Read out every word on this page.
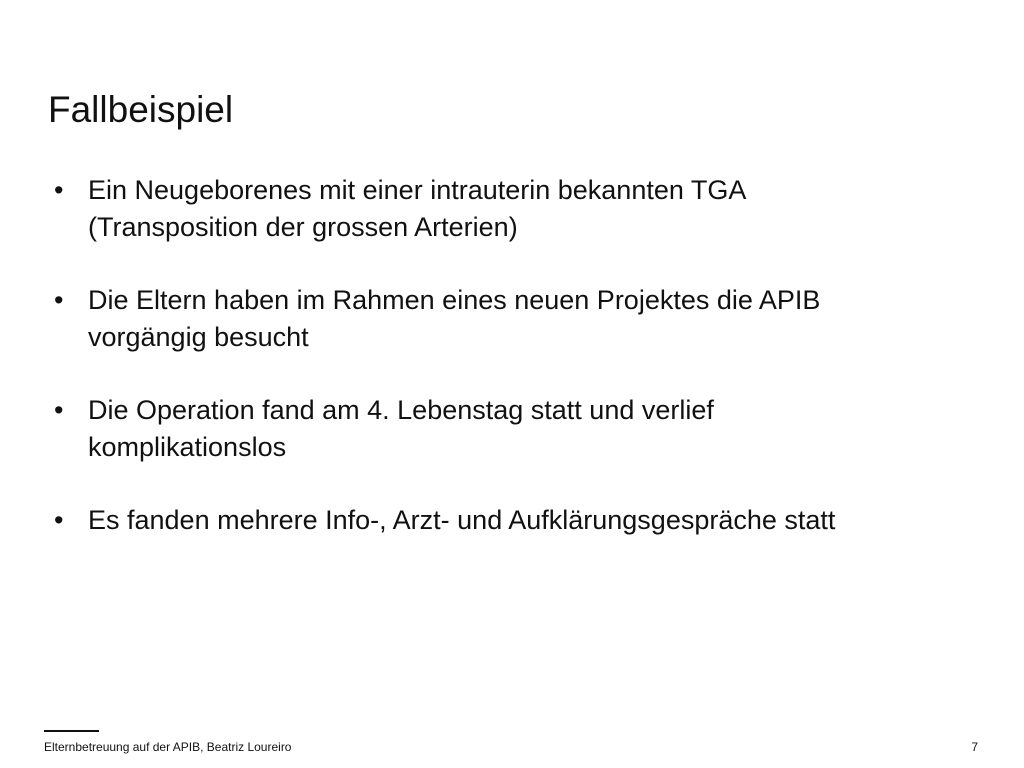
Fallbeispiel
• Ein Neugeborenes mit einer intrauterin bekannten TGA
(Transposition der grossen Arterien)
• Die Eltern haben im Rahmen eines neuen Projektes die APIB
vorgängig besucht
• Die Operation fand am 4. Lebenstag statt und verlief
komplikationslos
• Es fanden mehrere Info-, Arzt- und Aufklärungsgespräche statt
Elternbetreuung auf der APIB, Beatriz Loureiro	7
